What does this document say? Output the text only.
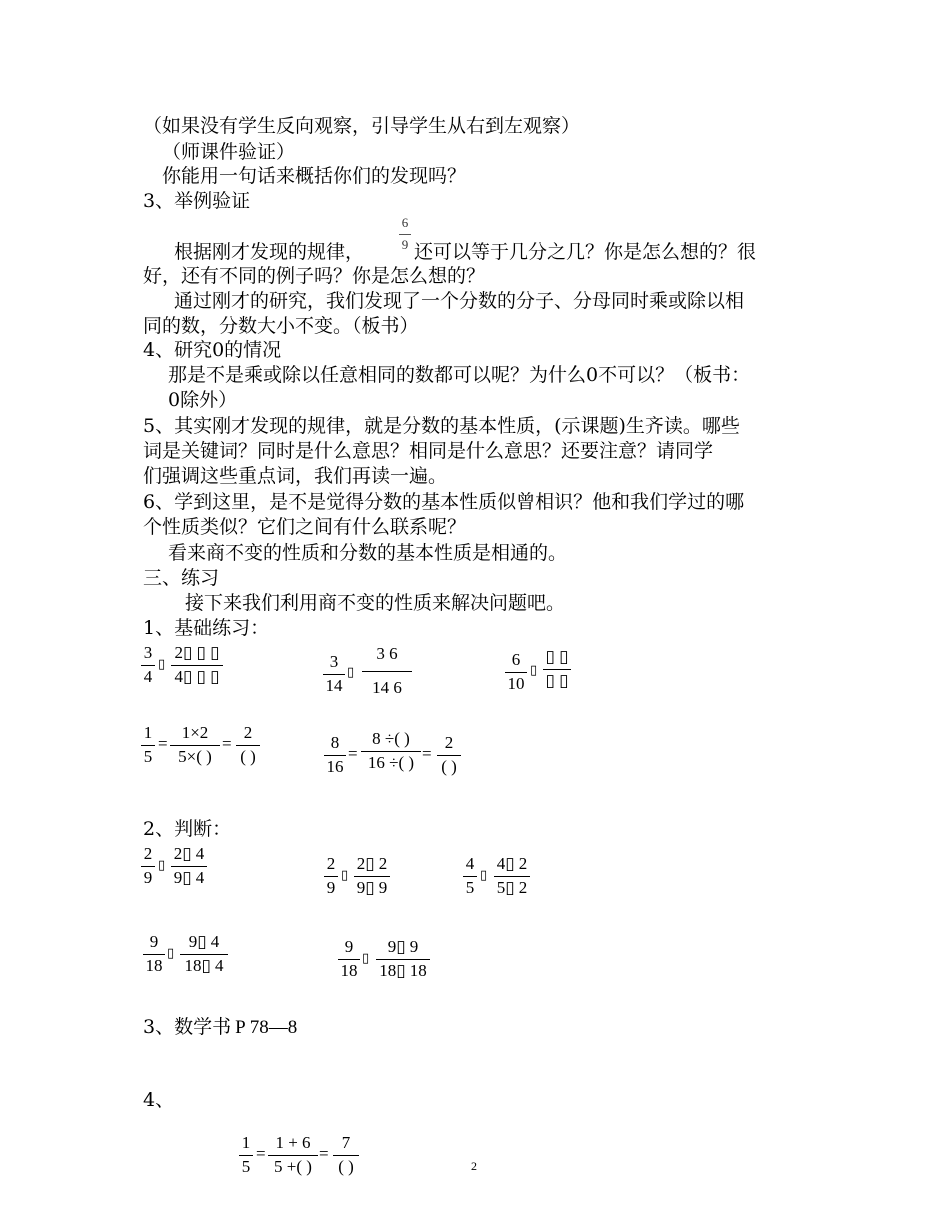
（如果没有学生反向观察，引导学生从右到左观察）
（师课件验证）
你能用一句话来概括你们的发现吗？
3、举例验证
根据刚才发现的规律，
6
9 还可以等于几分之几？你是怎么想的？很
好，还有不同的例子吗？你是怎么想的？
通过刚才的研究，我们发现了一个分数的分子、分母同时乘或除以相
同的数，分数大小不变。（板书）
4、研究0的情况
那是不是乘或除以任意相同的数都可以呢？为什么0不可以？（板书：
0除外）
5、其实刚才发现的规律，就是分数的基本性质，(示课题)生齐读。哪些
词是关键词？同时是什么意思？相同是什么意思？还要注意？请同学
们强调这些重点词，我们再读一遍。
6、学到这里，是不是觉得分数的基本性质似曾相识？他和我们学过的哪
个性质类似？它们之间有什么联系呢？
看来商不变的性质和分数的基本性质是相通的。
三、练习
接下来我们利用商不变的性质来解决问题吧。
1、基础练习：
3
4
▯
2▯ ▯ ▯
4▯ ▯ ▯
3
14
▯
3 6
14 6
6
10
▯
▯ ▯
▯ ▯
1
5
=
1×2
5×( )
=
2
( )
8
16
=
8 ÷( )
16 ÷( ) =
2
( )
2、判断：
2
9
▯
2▯ 4
9▯ 4
2
9
▯
2▯ 2
9▯ 9
4
5
▯
4▯ 2
5▯ 2
9
18
▯
9▯ 4
18▯ 4
9
18
▯
9▯ 9
18▯ 18
3、数学书 P 78—8
4、
1
5
=
1 + 6
5 +( )
=
7
( )	2
